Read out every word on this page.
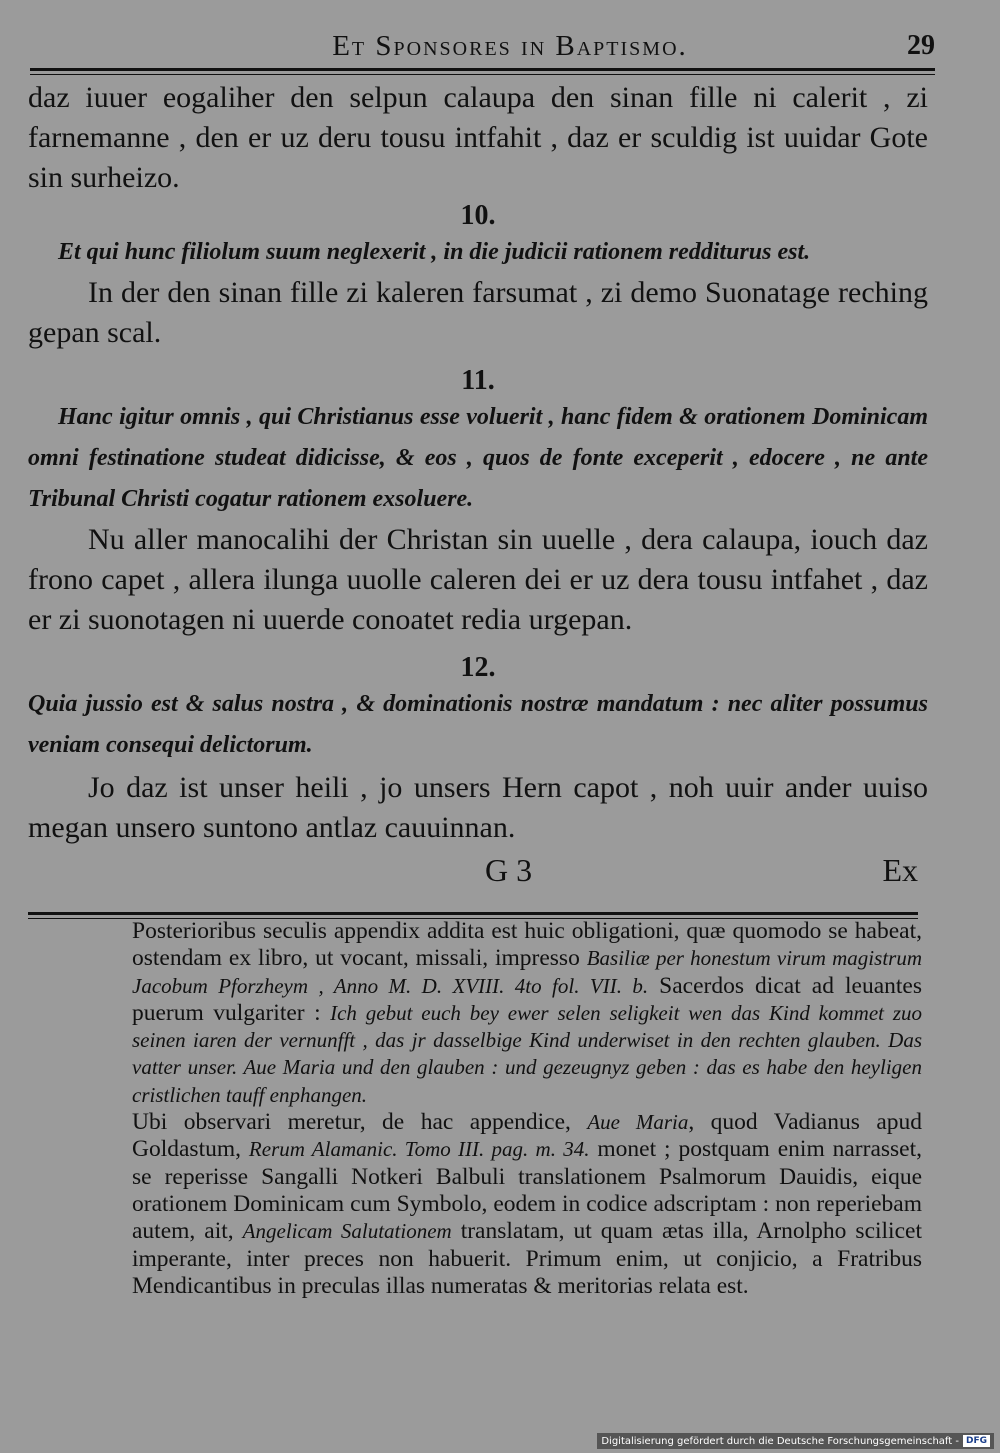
Et Sponsores in Baptismo.	29

daz iuuer eogaliher den selpun calaupa den sinan fille ni calerit , zi farnemanne , den er uz deru tousu intfahit , daz er sculdig ist uuidar Gote sin surheizo.

10.

Et qui hunc filiolum suum neglexerit , in die judicii rationem redditurus est.

In der den sinan fille zi kaleren farsumat , zi demo Suonatage reching gepan scal.

11.

Hanc igitur omnis , qui Christianus esse voluerit , hanc fidem & orationem Dominicam omni festinatione studeat didicisse, & eos , quos de fonte exceperit , edocere , ne ante Tribunal Christi cogatur rationem exsoluere.

Nu aller manocalihi der Christan sin uuelle , dera calaupa, iouch daz frono capet , allera ilunga uuolle caleren dei er uz dera tousu intfahet , daz er zi suonotagen ni uuerde conoatet redia urgepan.

12.

Quia jussio est & salus nostra , & dominationis nostræ mandatum : nec aliter possumus veniam consequi delictorum.

Jo daz ist unser heili , jo unsers Hern capot , noh uuir ander uuiso megan unsero suntono antlaz cauuinnan.

G 3	Ex

Posterioribus seculis appendix addita est huic obligationi, quæ quomodo se habeat, ostendam ex libro, ut vocant, missali, impresso Basiliæ per honestum virum magistrum Jacobum Pforzheym , Anno M. D. XVIII. 4to fol. VII. b. Sacerdos dicat ad leuantes puerum vulgariter : Ich gebut euch bey ewer selen seligkeit wen das Kind kommet zuo seinen iaren der vernunfft , das jr dasselbige Kind underwiset in den rechten glauben. Das vatter unser. Aue Maria und den glauben : und gezeugnyz geben : das es habe den heyligen cristlichen tauff enphangen.

Ubi observari meretur, de hac appendice, Aue Maria, quod Vadianus apud Goldastum, Rerum Alamanic. Tomo III. pag. m. 34. monet ; postquam enim narrasset, se reperisse Sangalli Notkeri Balbuli translationem Psalmorum Dauidis, eique orationem Dominicam cum Symbolo, eodem in codice adscriptam : non reperiebam autem, ait, Angelicam Salutationem translatam, ut quam ætas illa, Arnolpho scilicet imperante, inter preces non habuerit. Primum enim, ut conjicio, a Fratribus Mendicantibus in preculas illas numeratas & meritorias relata est.

Digitalisierung gefördert durch die Deutsche Forschungsgemeinschaft - DFG
